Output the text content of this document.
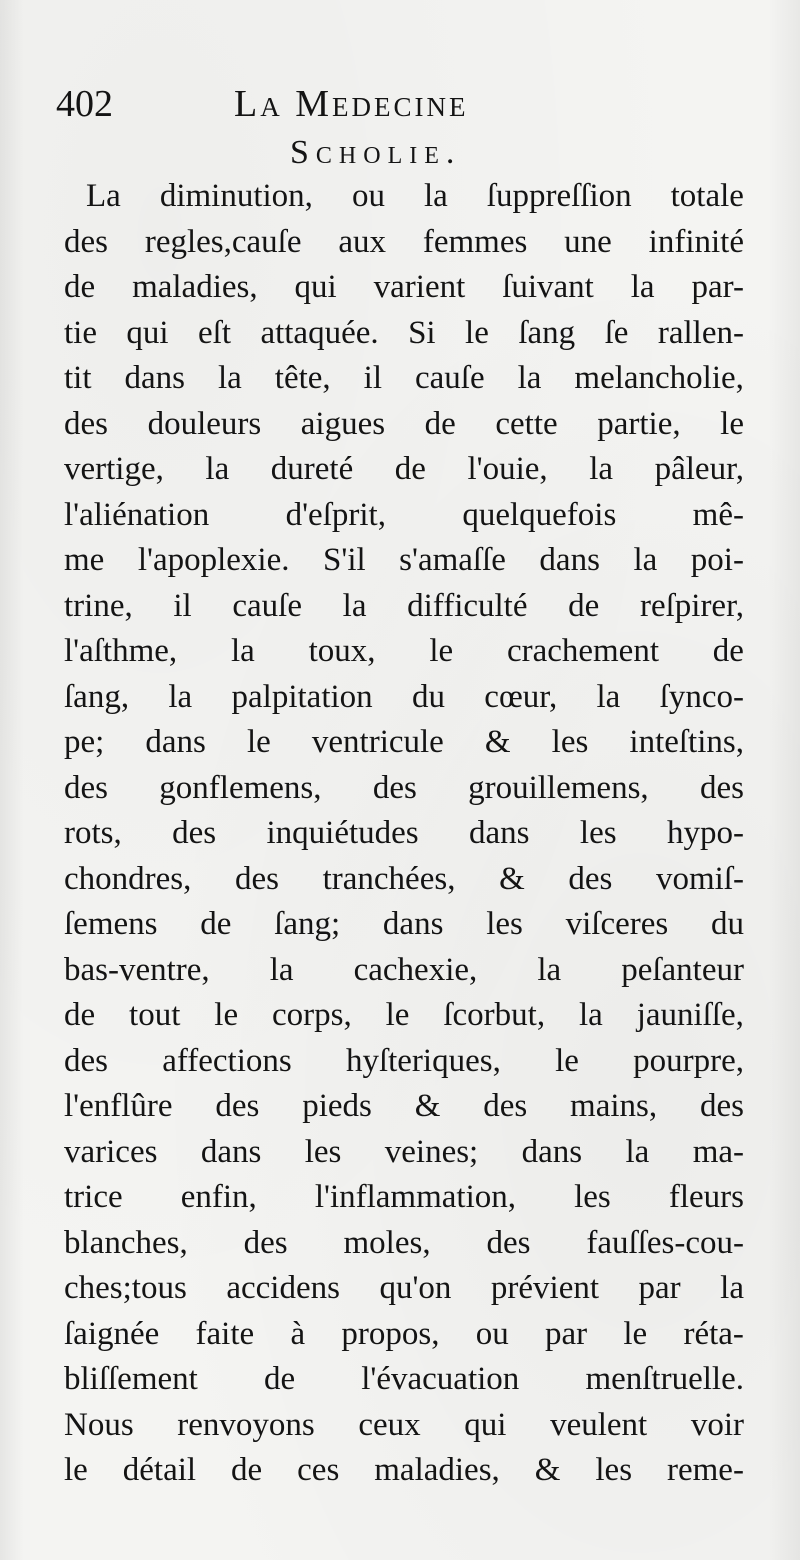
402	La Medecine
Scholie.
La diminution, ou la ſuppreſſion totale
des regles,cauſe aux femmes une infinité
de maladies, qui varient ſuivant la par-
tie qui eſt attaquée. Si le ſang ſe rallen-
tit dans la tête, il cauſe la melancholie,
des douleurs aigues de cette partie, le
vertige, la dureté de l'ouie, la pâleur,
l'aliénation d'eſprit, quelquefois mê-
me l'apoplexie. S'il s'amaſſe dans la poi-
trine, il cauſe la difficulté de reſpirer,
l'aſthme, la toux, le crachement de
ſang, la palpitation du cœur, la ſynco-
pe; dans le ventricule & les inteſtins,
des gonflemens, des grouillemens, des
rots, des inquiétudes dans les hypo-
chondres, des tranchées, & des vomiſ-
ſemens de ſang; dans les viſceres du
bas-ventre, la cachexie, la peſanteur
de tout le corps, le ſcorbut, la jauniſſe,
des affections hyſteriques, le pourpre,
l'enflûre des pieds & des mains, des
varices dans les veines; dans la ma-
trice enfin, l'inflammation, les fleurs
blanches, des moles, des fauſſes-cou-
ches;tous accidens qu'on prévient par la
ſaignée faite à propos, ou par le réta-
bliſſement de l'évacuation menſtruelle.
Nous renvoyons ceux qui veulent voir
le détail de ces maladies, & les reme-
